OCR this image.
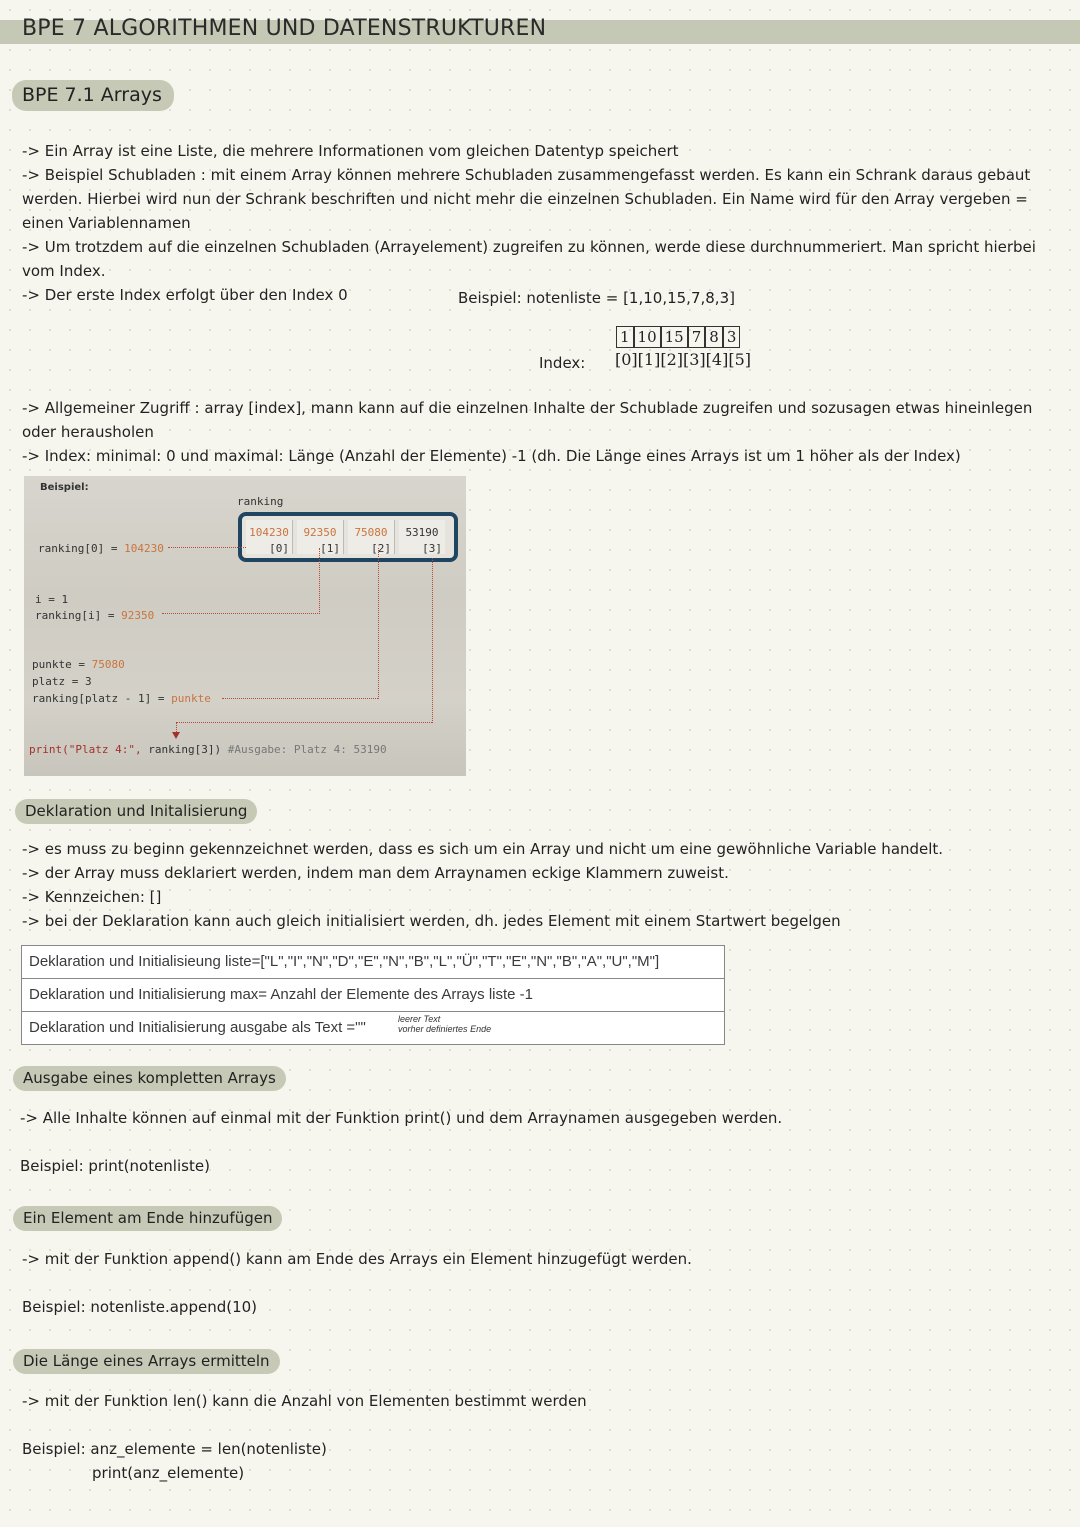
BPE 7 ALGORITHMEN UND DATENSTRUKTUREN
BPE 7.1 Arrays
-> Ein Array ist eine Liste, die mehrere Informationen vom gleichen Datentyp speichert
-> Beispiel Schubladen : mit einem Array können mehrere Schubladen zusammengefasst werden. Es kann ein Schrank daraus gebaut
werden. Hierbei wird nun der Schrank beschriften und nicht mehr die einzelnen Schubladen. Ein Name wird für den Array vergeben =
einen Variablennamen
-> Um trotzdem auf die einzelnen Schubladen (Arrayelement) zugreifen zu können, werde diese durchnummeriert. Man spricht hierbei
vom Index.
-> Der erste Index erfolgt über den Index 0	Beispiel: notenliste = [1,10,15,7,8,3]
1 10 15 7 8 3
Index: [0][1][2][3][4][5]
-> Allgemeiner Zugriff : array [index], mann kann auf die einzelnen Inhalte der Schublade zugreifen und sozusagen etwas hineinlegen
oder herausholen
-> Index: minimal: 0 und maximal: Länge (Anzahl der Elemente) -1 (dh. Die Länge eines Arrays ist um 1 höher als der Index)
Beispiel:
ranking
104230
[0]
92350
[1]
75080
[2]
53190
[3]
ranking[0] = 104230
i = 1
ranking[i] = 92350
punkte = 75080
platz = 3
ranking[platz - 1] = punkte
print("Platz 4:", ranking[3]) #Ausgabe: Platz 4: 53190
Deklaration und Initalisierung
-> es muss zu beginn gekennzeichnet werden, dass es sich um ein Array und nicht um eine gewöhnliche Variable handelt.
-> der Array muss deklariert werden, indem man dem Arraynamen eckige Klammern zuweist.
-> Kennzeichen: []
-> bei der Deklaration kann auch gleich initialisiert werden, dh. jedes Element mit einem Startwert begelgen
Deklaration und Initialisieung liste=["L","I","N","D","E","N","B","L","Ü","T","E","N","B","A","U","M"]
Deklaration und Initialisierung max= Anzahl der Elemente des Arrays liste -1
Deklaration und Initialisierung ausgabe als Text =""	leerer Text
vorher definiertes Ende
Ausgabe eines kompletten Arrays
-> Alle Inhalte können auf einmal mit der Funktion print() und dem Arraynamen ausgegeben werden.
Beispiel: print(notenliste)
Ein Element am Ende hinzufügen
-> mit der Funktion append() kann am Ende des Arrays ein Element hinzugefügt werden.
Beispiel: notenliste.append(10)
Die Länge eines Arrays ermitteln
-> mit der Funktion len() kann die Anzahl von Elementen bestimmt werden
Beispiel: anz_elemente = len(notenliste)
print(anz_elemente)
